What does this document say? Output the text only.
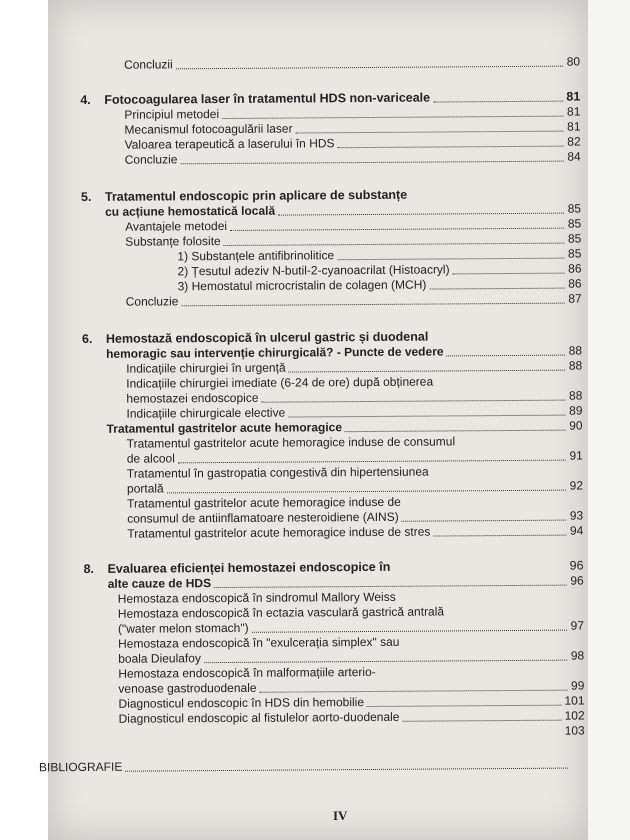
Concluzii	80
4. Fotocoagularea laser în tratamentul HDS non-variceale	81
Principiul metodei	81
Mecanismul fotocoagulării laser	81
Valoarea terapeutică a laserului în HDS	82
Concluzie	84
5. Tratamentul endoscopic prin aplicare de substanțe
cu acțiune hemostatică locală	85
Avantajele metodei	85
Substanțe folosite	85
1) Substanțele antifibrinolitice	85
2) Țesutul adeziv N-butil-2-cyanoacrilat (Histoacryl)	86
3) Hemostatul microcristalin de colagen (MCH)	86
Concluzie	87
6. Hemostază endoscopică în ulcerul gastric și duodenal
hemoragic sau intervenție chirurgicală? - Puncte de vedere	88
Indicațiile chirurgiei în urgență	88
Indicațiile chirurgiei imediate (6-24 de ore) după obținerea
hemostazei endoscopice	88
Indicațiile chirurgicale elective	89
Tratamentul gastritelor acute hemoragice	90
Tratamentul gastritelor acute hemoragice induse de consumul
de alcool	91
Tratamentul în gastropatia congestivă din hipertensiunea
portală	92
Tratamentul gastritelor acute hemoragice induse de
consumul de antiinflamatoare nesteroidiene (AINS)	93
Tratamentul gastritelor acute hemoragice induse de stres	94
8. Evaluarea eficienței hemostazei endoscopice în	96
alte cauze de HDS	96
Hemostaza endoscopică în sindromul Mallory Weiss
Hemostaza endoscopică în ectazia vasculară gastrică antrală
("water melon stomach")	97
Hemostaza endoscopică în "exulcerația simplex" sau
boala Dieulafoy	98
Hemostaza endoscopică în malformațiile arterio-
venoase gastroduodenale	99
Diagnosticul endoscopic în HDS din hemobilie	101
Diagnosticul endoscopic al fistulelor aorto-duodenale	102
103
BIBLIOGRAFIE
IV
